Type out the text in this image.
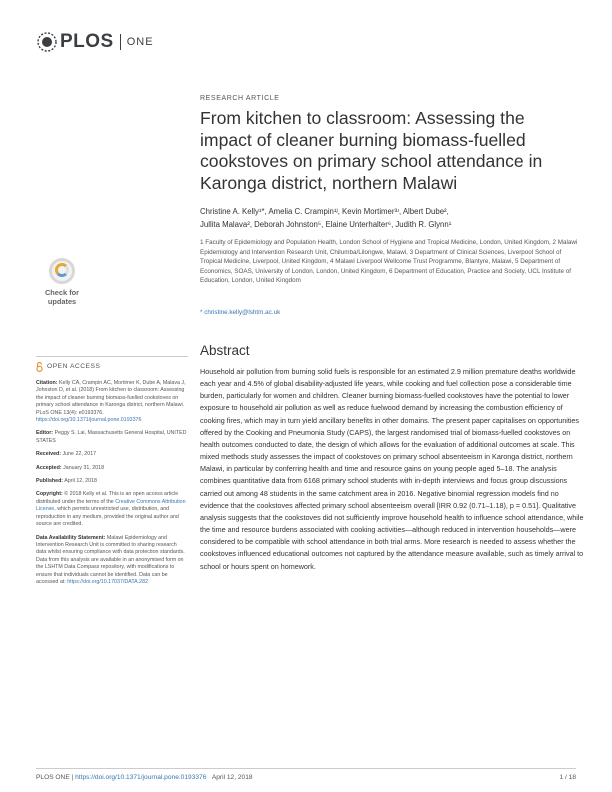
PLOS ONE
RESEARCH ARTICLE
From kitchen to classroom: Assessing the impact of cleaner burning biomass-fuelled cookstoves on primary school attendance in Karonga district, northern Malawi

Christine A. Kelly¹*, Amelia C. Crampin¹ʲ, Kevin Mortimer³ʴ, Albert Dube²,

Jullita Malava², Deborah Johnston⁵, Elaine Unterhalter⁶, Judith R. Glynn¹

1 Faculty of Epidemiology and Population Health, London School of Hygiene and Tropical Medicine, London, United Kingdom, 2 Malawi Epidemiology and Intervention Research Unit, Chilumba/Lilongwe, Malawi, 3 Department of Clinical Sciences, Liverpool School of Tropical Medicine, Liverpool, United Kingdom, 4 Malawi Liverpool Wellcome Trust Programme, Blantyre, Malawi, 5 Department of Economics, SOAS, University of London, London, United Kingdom, 6 Department of Education, Practice and Society, UCL Institute of Education, London, United Kingdom
* christine.kelly@lshtm.ac.uk
Check for
updates
OPEN ACCESS

Citation: Kelly CA, Crampin AC, Mortimer K, Dube A, Malava J, Johnston D, et al. (2018) From kitchen to classroom: Assessing the impact of cleaner burning biomass-fuelled cookstoves on primary school attendance in Karonga district, northern Malawi. PLoS ONE 13(4): e0193376. https://doi.org/10.1371/journal.pone.0193376

Editor: Peggy S. Lai, Massachusetts General Hospital, UNITED STATES

Received: June 22, 2017

Accepted: January 31, 2018

Published: April 12, 2018

Copyright: © 2018 Kelly et al. This is an open access article distributed under the terms of the Creative Commons Attribution License, which permits unrestricted use, distribution, and reproduction in any medium, provided the original author and source are credited.

Data Availability Statement: Malawi Epidemiology and Intervention Research Unit is committed to sharing research data whilst ensuring compliance with data protection standards. Data from this analysis are available in an anonymised form on the LSHTM Data Compass repository, with modifications to ensure that individuals cannot be identified. Data can be accessed at: https://doi.org/10.17037/DATA.282

Abstract

Household air pollution from burning solid fuels is responsible for an estimated 2.9 million premature deaths worldwide each year and 4.5% of global disability-adjusted life years, while cooking and fuel collection pose a considerable time burden, particularly for women and children. Cleaner burning biomass-fuelled cookstoves have the potential to lower exposure to household air pollution as well as reduce fuelwood demand by increasing the combustion efficiency of cooking fires, which may in turn yield ancillary benefits in other domains. The present paper capitalises on opportunities offered by the Cooking and Pneumonia Study (CAPS), the largest randomised trial of biomass-fuelled cookstoves on health outcomes conducted to date, the design of which allows for the evaluation of additional outcomes at scale. This mixed methods study assesses the impact of cookstoves on primary school absenteeism in Karonga district, northern Malawi, in particular by conferring health and time and resource gains on young people aged 5–18. The analysis combines quantitative data from 6168 primary school students with in-depth interviews and focus group discussions carried out among 48 students in the same catchment area in 2016. Negative binomial regression models find no evidence that the cookstoves affected primary school absenteeism overall [IRR 0.92 (0.71–1.18), p = 0.51]. Qualitative analysis suggests that the cookstoves did not sufficiently improve household health to influence school attendance, while the time and resource burdens associated with cooking activities—although reduced in intervention households—were considered to be compatible with school attendance in both trial arms. More research is needed to assess whether the cookstoves influenced educational outcomes not captured by the attendance measure available, such as timely arrival to school or hours spent on homework.

PLOS ONE | https://doi.org/10.1371/journal.pone.0193376 April 12, 2018	1 / 18
